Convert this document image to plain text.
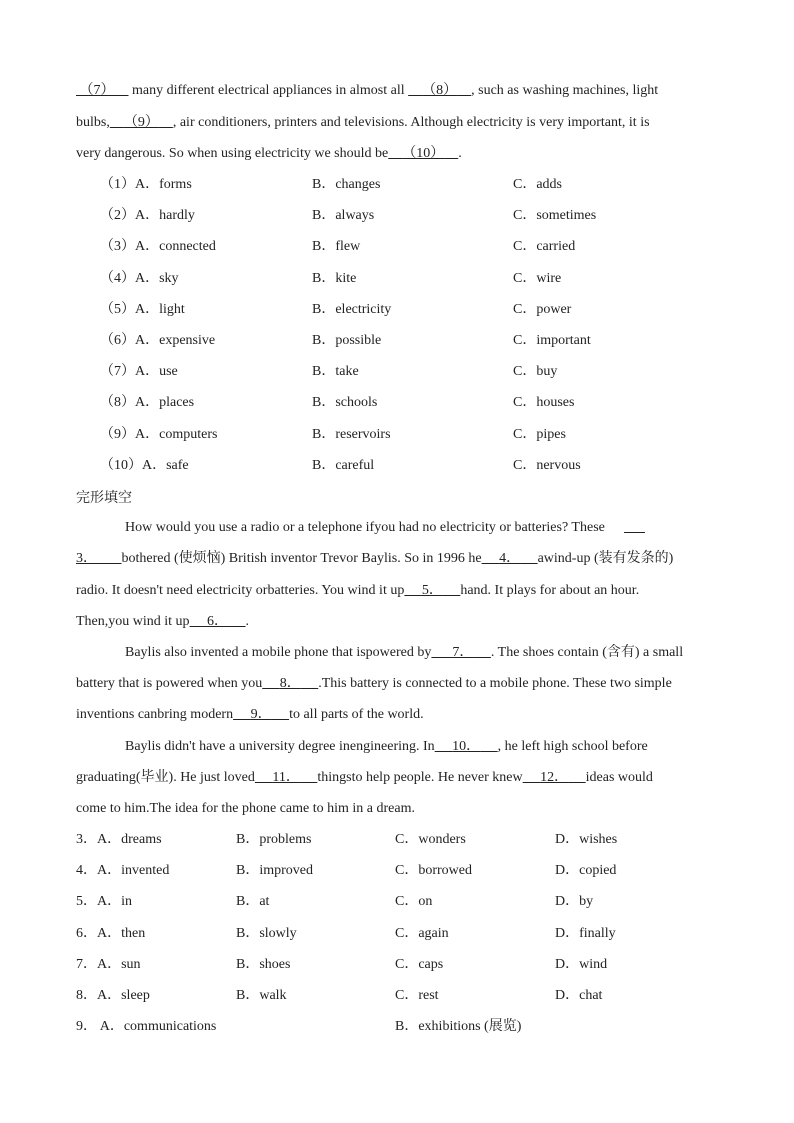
（7） many different electrical appliances in almost all （8） , such as washing machines, light
bulbs, （9） , air conditioners, printers and televisions. Although electricity is very important, it is
very dangerous. So when using electricity we should be （10） .
（1）A．forms	B．changes	C．adds
（2）A．hardly	B．always	C．sometimes
（3）A．connected	B．flew	C．carried
（4）A．sky	B．kite	C．wire
（5）A．light	B．electricity	C．power
（6）A．expensive	B．possible	C．important
（7）A．use	B．take	C．buy
（8）A．places	B．schools	C．houses
（9）A．computers	B．reservoirs	C．pipes
（10）A．safe	B．careful	C．nervous
完形填空
How would you use a radio or a telephone ifyou had no electricity or batteries? These

3． bothered (使烦恼) British inventor Trevor Baylis. So in 1996 he 4． awind-up (装有发条的)
radio. It doesn't need electricity orbatteries. You wind it up 5． hand. It plays for about an hour.
Then,you wind it up 6． .
Baylis also invented a mobile phone that ispowered by 7． . The shoes contain (含有) a small
battery that is powered when you 8． .This battery is connected to a mobile phone. These two simple
inventions canbring modern 9． to all parts of the world.
Baylis didn't have a university degree inengineering. In 10． , he left high school before
graduating(毕业). He just loved 11． thingsto help people. He never knew 12． ideas would
come to him.The idea for the phone came to him in a dream.
3．A．dreams	B．problems	C．wonders	D．wishes
4．A．invented	B．improved	C．borrowed	D．copied
5．A．in	B．at	C．on	D．by
6．A．then	B．slowly	C．again	D．finally
7．A．sun	B．shoes	C．caps	D．wind
8．A．sleep	B．walk	C．rest	D．chat
9． A．communications	B．exhibitions (展览)
